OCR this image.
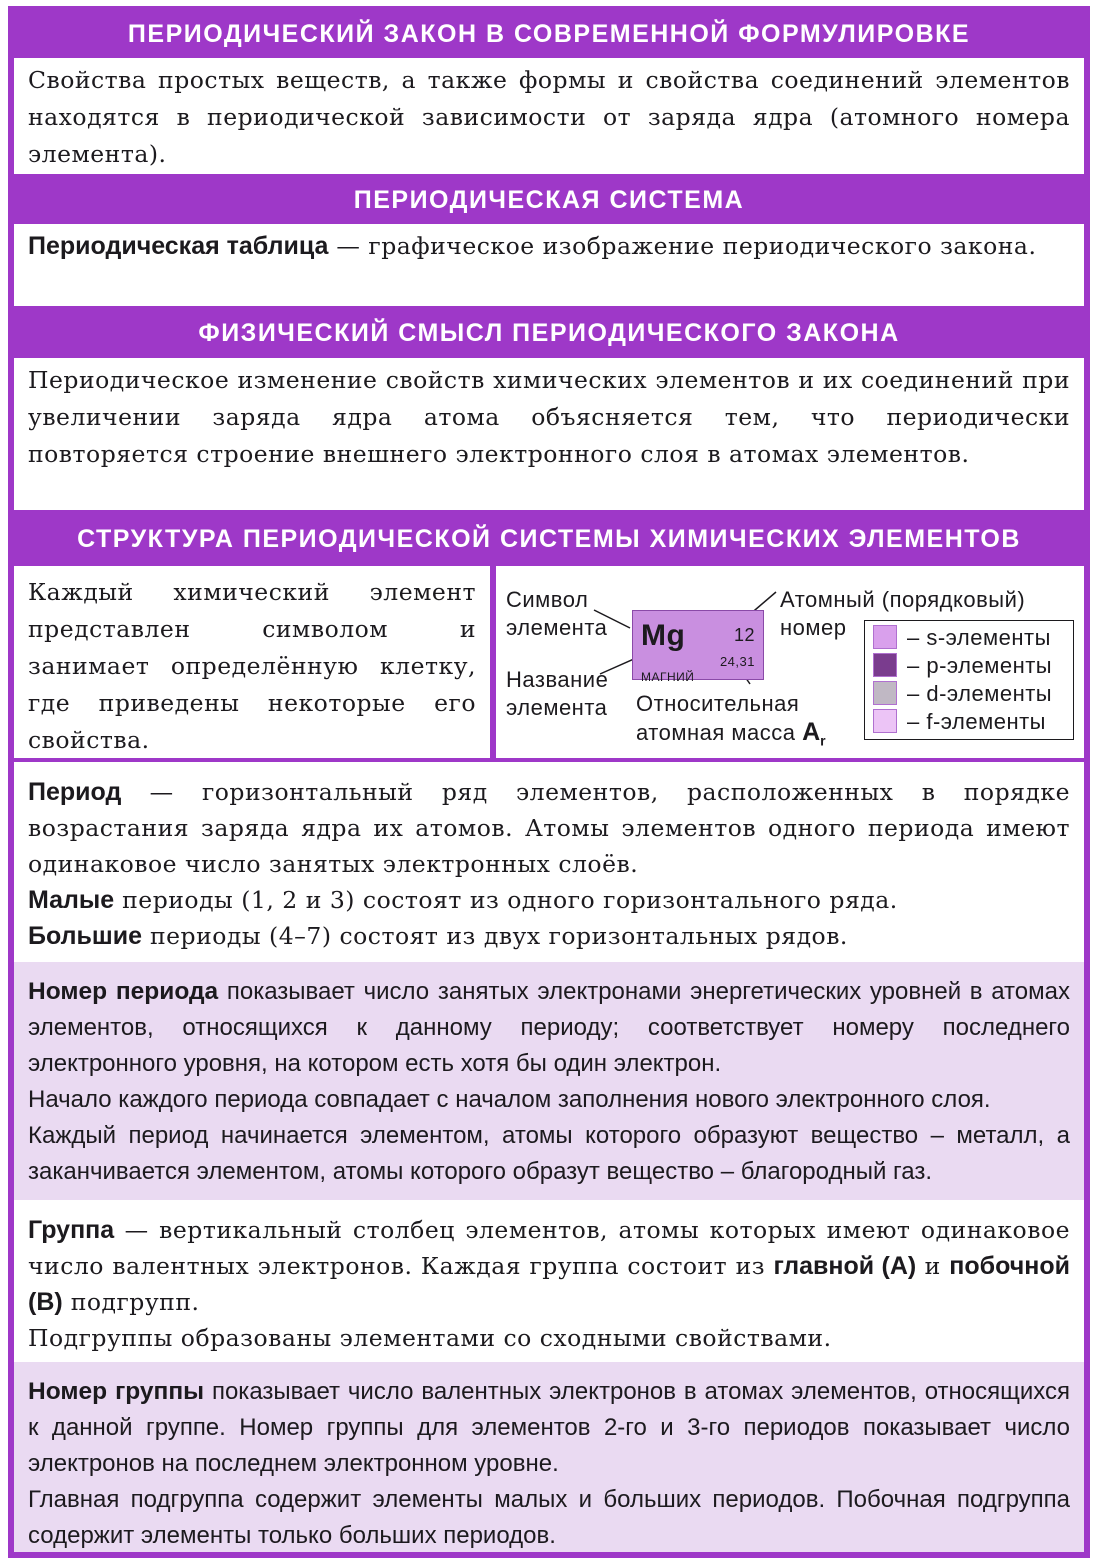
ПЕРИОДИЧЕСКИЙ ЗАКОН В СОВРЕМЕННОЙ ФОРМУЛИРОВКЕ
Свойства простых веществ, а также формы и свойства соединений элементов находятся в периодической зависимости от заряда ядра (атомного номера элемента).
ПЕРИОДИЧЕСКАЯ СИСТЕМА
Периодическая таблица — графическое изображение периодического закона.
ФИЗИЧЕСКИЙ СМЫСЛ ПЕРИОДИЧЕСКОГО ЗАКОНА
Периодическое изменение свойств химических элементов и их соединений при увеличении заряда ядра атома объясняется тем, что периодически повторяется строение внешнего электронного слоя в атомах элементов.
СТРУКТУРА ПЕРИОДИЧЕСКОЙ СИСТЕМЫ ХИМИЧЕСКИХ ЭЛЕМЕНТОВ
Каждый химический элемент представлен символом и занимает определённую клетку, где приведены некоторые его свойства.
Символ
элемента
Название
элемента
Mg	12
24,31
МАГНИЙ
Атомный (порядковый)
номер
Относительная
атомная масса $A_r$
– s-элементы
– p-элементы
– d-элементы
– f-элементы
Период — горизонтальный ряд элементов, расположенных в порядке возрастания заряда ядра их атомов. Атомы элементов одного периода имеют одинаковое число занятых электронных слоёв.
Малые периоды (1, 2 и 3) состоят из одного горизонтального ряда.
Большие периоды (4–7) состоят из двух горизонтальных рядов.
Номер периода показывает число занятых электронами энергетических уровней в атомах элементов, относящихся к данному периоду; соответствует номеру последнего электронного уровня, на котором есть хотя бы один электрон.
Начало каждого периода совпадает с началом заполнения нового электронного слоя.
Каждый период начинается элементом, атомы которого образуют вещество – металл, а заканчивается элементом, атомы которого образут вещество – благородный газ.
Группа — вертикальный столбец элементов, атомы которых имеют одинаковое число валентных электронов. Каждая группа состоит из главной (А) и побочной (В) подгрупп.
Подгруппы образованы элементами со сходными свойствами.
Номер группы показывает число валентных электронов в атомах элементов, относящихся к данной группе. Номер группы для элементов 2-го и 3-го периодов показывает число электронов на последнем электронном уровне.
Главная подгруппа содержит элементы малых и больших периодов. Побочная подгруппа содержит элементы только больших периодов.
